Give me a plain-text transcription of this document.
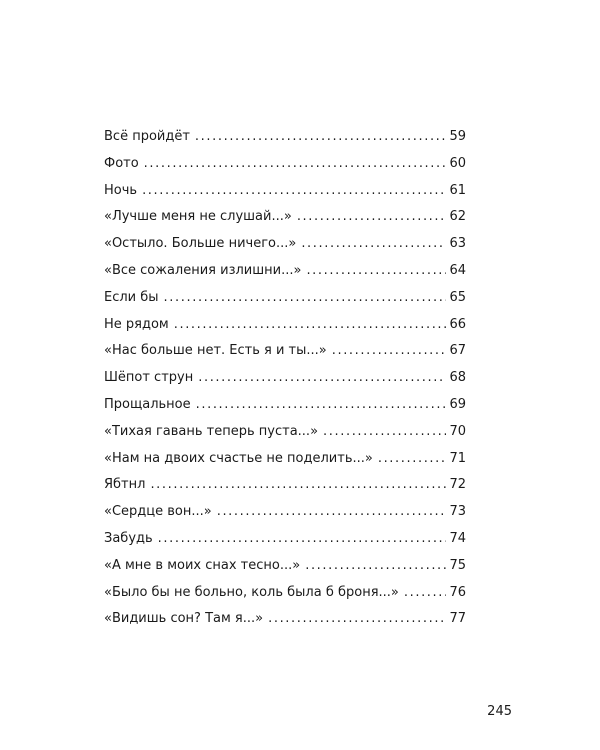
Всё пройдёт .....	59
Фото .....	60
Ночь .....	61
«Лучше меня не слушай...» .....	62
«Остыло. Больше ничего...» .....	63
«Все сожаления излишни...» .....	64
Если бы .....	65
Не рядом .....	66
«Нас больше нет. Есть я и ты...» .....	67
Шёпот струн .....	68
Прощальное .....	69
«Тихая гавань теперь пуста...» .....	70
«Нам на двоих счастье не поделить...» .....	71
Ябтнл .....	72
«Сердце вон...» .....	73
Забудь .....	74
«А мне в моих снах тесно...» .....	75
«Было бы не больно, коль была б броня...» .....	76
«Видишь сон? Там я...» .....	77
245
